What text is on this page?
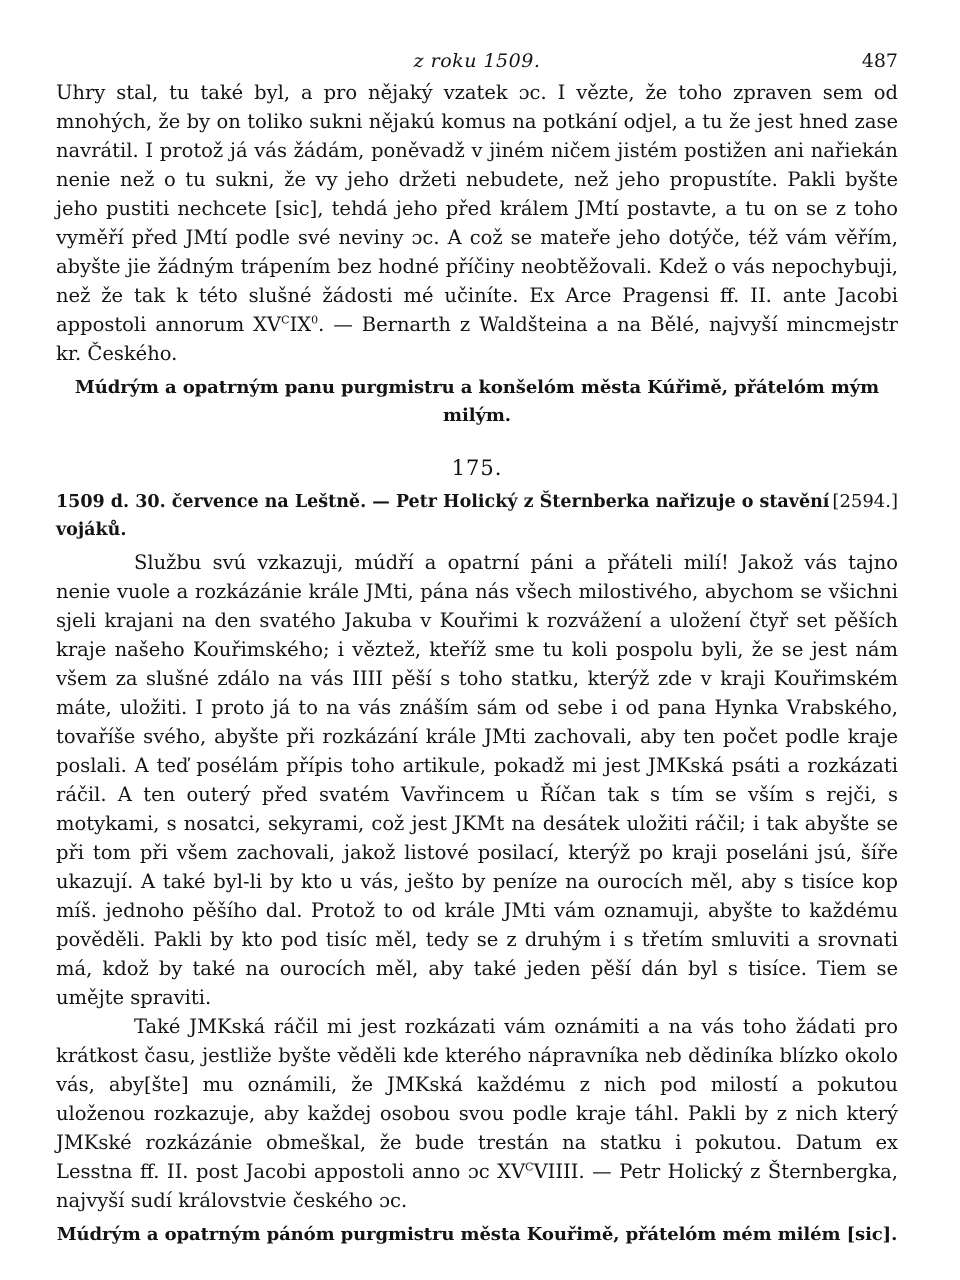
z roku 1509.	487

Uhry stal, tu také byl, a pro nějaký vzatek ɔc. I vězte, že toho zpraven sem od mnohých, že by on toliko sukni nějakú komus na potkání odjel, a tu že jest hned zase navrátil. I protož já vás žádám, poněvadž v jiném ničem jistém postižen ani nařiekán nenie než o tu sukni, že vy jeho držeti nebudete, než jeho propustíte. Pakli byšte jeho pustiti nechcete [sic], tehdá jeho před králem JMtí postavte, a tu on se z toho vyměří před JMtí podle své neviny ɔc. A což se mateře jeho dotýče, též vám věřím, abyšte jie žádným trápením bez hodné příčiny neobtěžovali. Kdež o vás nepochybuji, než že tak k této slušné žádosti mé učiníte. Ex Arce Pragensi ff. II. ante Jacobi appostoli annorum $XV^CIX^0$. — Bernarth z Waldšteina a na Bělé, najvyší mincmejstr kr. Českého.

Múdrým a opatrným panu purgmistru a konšelóm města Kúřimě, přátelóm mým milým.

175.
1509 d. 30. července na Leštně. — Petr Holický z Šternberka nařizuje o stavění vojáků.
[2594.]

Službu svú vzkazuji, múdří a opatrní páni a přáteli milí! Jakož vás tajno nenie vuole a rozkázánie krále JMti, pána nás všech milostivého, abychom se všichni sjeli krajani na den svatého Jakuba v Kouřimi k rozvážení a uložení čtyř set pěších kraje našeho Kouřimského; i věztež, kteříž sme tu koli pospolu byli, že se jest nám všem za slušné zdálo na vás IIII pěší s toho statku, kterýž zde v kraji Kouřimském máte, uložiti. I proto já to na vás znáším sám od sebe i od pana Hynka Vrabského, tovaříše svého, abyšte při rozkázání krále JMti zachovali, aby ten počet podle kraje poslali. A teď posélám přípis toho artikule, pokadž mi jest JMKská psáti a rozkázati ráčil. A ten outerý před svatém Vavřincem u Říčan tak s tím se vším s rejči, s motykami, s nosatci, sekyrami, což jest JKMt na desátek uložiti ráčil; i tak abyšte se při tom při všem zachovali, jakož listové posilací, kterýž po kraji poseláni jsú, šíře ukazují. A také byl-li by kto u vás, ješto by peníze na ourocích měl, aby s tisíce kop míš. jednoho pěšího dal. Protož to od krále JMti vám oznamuji, abyšte to každému pověděli. Pakli by kto pod tisíc měl, tedy se z druhým i s třetím smluviti a srovnati má, kdož by také na ourocích měl, aby také jeden pěší dán byl s tisíce. Tiem se umějte spraviti.

Také JMKská ráčil mi jest rozkázati vám oznámiti a na vás toho žádati pro krátkost času, jestliže byšte věděli kde kterého nápravníka neb dědiníka blízko okolo vás, aby[šte] mu oznámili, že JMKská každému z nich pod milostí a pokutou uloženou rozkazuje, aby každej osobou svou podle kraje táhl. Pakli by z nich který JMKské rozkázánie obmeškal, že bude trestán na statku i pokutou. Datum ex Lesstna ff. II. post Jacobi appostoli anno ɔc $XV^CVIIII$. — Petr Holický z Šternbergka, najvyší sudí královstvie českého ɔc.

Múdrým a opatrným pánóm purgmistru města Kouřimě, přátelóm mém milém [sic].
